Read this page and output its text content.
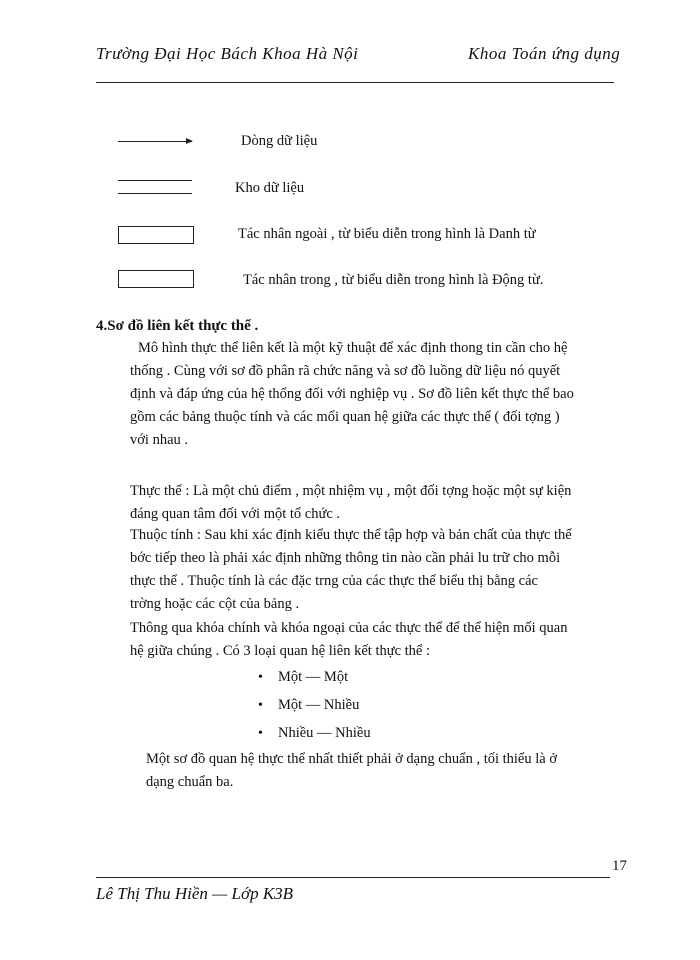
Trường Đại Học Bách Khoa Hà Nội	Khoa Toán ứng dụng
Dòng dữ liệu
Kho dữ liệu
Tác nhân ngoài , từ biểu diễn trong hình là Danh từ
Tác nhân trong , từ biểu diễn trong hình là Động từ.
4.Sơ đồ liên kết thực thể .
Mô hình thực thể liên kết là một kỹ thuật để xác định thong tin cần cho hệ
thống . Cùng với sơ đồ phân rã chức năng và sơ đồ luồng dữ liệu nó quyết
định và đáp ứng của hệ thống đối với nghiệp vụ . Sơ đồ liên kết thực thể bao
gồm các bảng thuộc tính và các mối quan hệ giữa các thực thể ( đối tợng )
với nhau .
Thực thể : Là một chủ điểm , một nhiệm vụ , một đối tợng hoặc một sự kiện
đáng quan tâm đối với một tổ chức .
Thuộc tính : Sau khi xác định kiểu thực thể tập hợp và bản chất của thực thể
bớc tiếp theo là phải xác định những thông tin nào cần phải lu trữ cho mỗi
thực thể . Thuộc tính là các đặc trng của các thực thể biểu thị bằng các
trờng hoặc các cột của bảng .
Thông qua khóa chính và khóa ngoại của các thực thể để thể hiện mối quan
hệ giữa chúng . Có 3 loại quan hệ liên kết thực thể :
• Một — Một
• Một — Nhiều
• Nhiều — Nhiều
Một sơ đồ quan hệ thực thể nhất thiết phải ở dạng chuẩn , tối thiểu là ở
dạng chuẩn ba.
17
Lê Thị Thu Hiền — Lớp K3B
